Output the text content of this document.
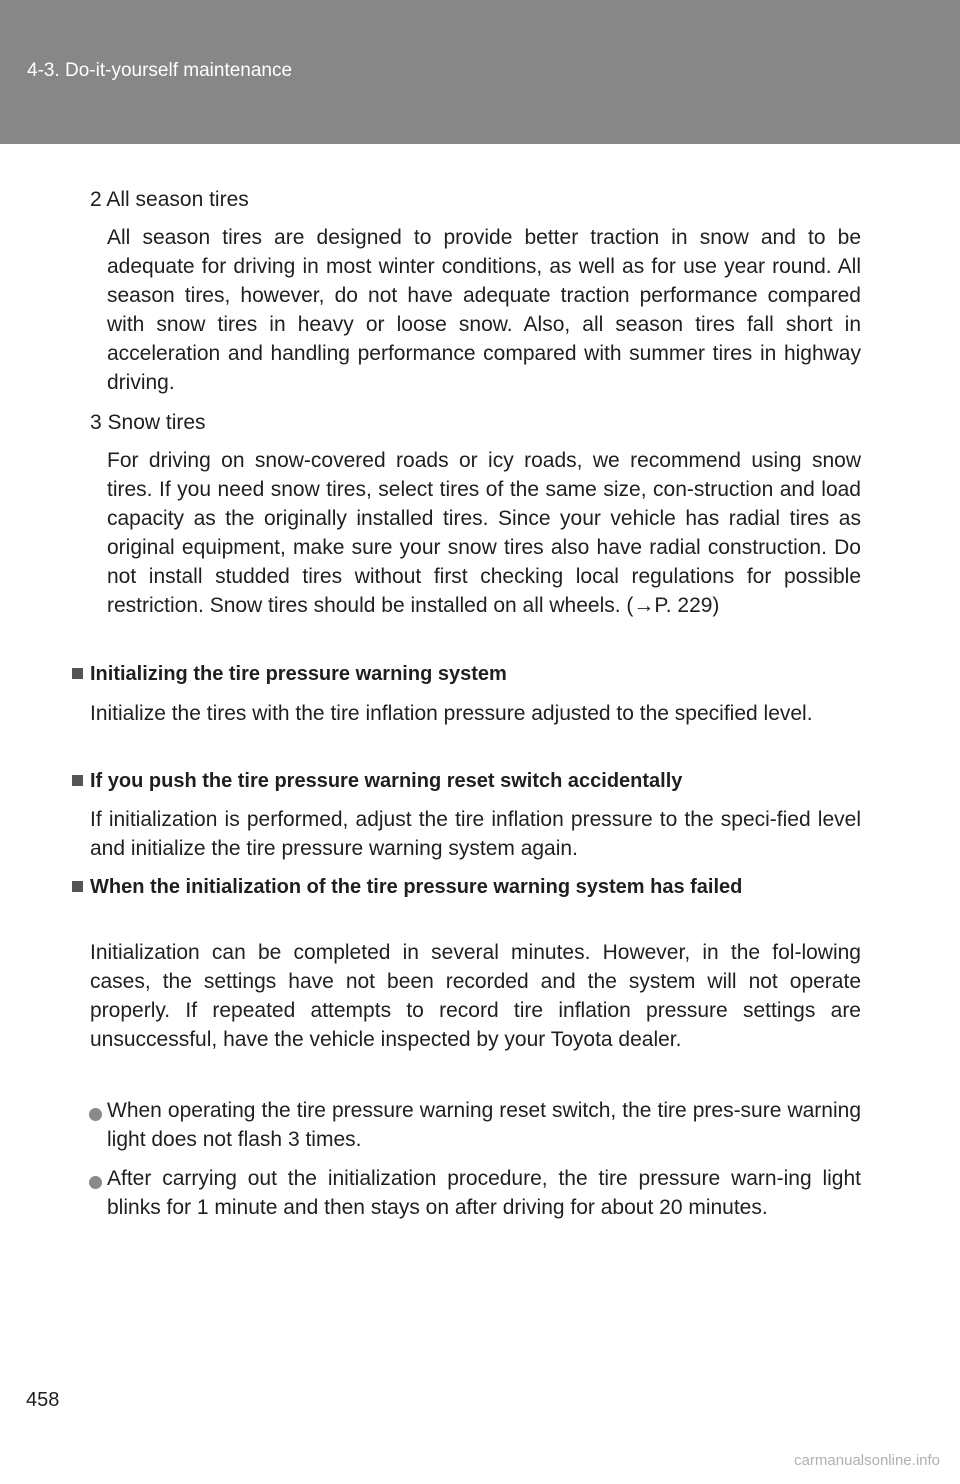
4-3. Do-it-yourself maintenance
2 All season tires
All season tires are designed to provide better traction in snow and to be adequate for driving in most winter conditions, as well as for use year round. All season tires, however, do not have adequate traction performance compared with snow tires in heavy or loose snow. Also, all season tires fall short in acceleration and handling performance compared with summer tires in highway driving.
3 Snow tires
For driving on snow-covered roads or icy roads, we recommend using snow tires. If you need snow tires, select tires of the same size, con-struction and load capacity as the originally installed tires. Since your vehicle has radial tires as original equipment, make sure your snow tires also have radial construction. Do not install studded tires without first checking local regulations for possible restriction. Snow tires should be installed on all wheels. (→P. 229)
Initializing the tire pressure warning system
Initialize the tires with the tire inflation pressure adjusted to the specified level.
If you push the tire pressure warning reset switch accidentally
If initialization is performed, adjust the tire inflation pressure to the speci-fied level and initialize the tire pressure warning system again.
When the initialization of the tire pressure warning system has failed
Initialization can be completed in several minutes. However, in the fol-lowing cases, the settings have not been recorded and the system will not operate properly. If repeated attempts to record tire inflation pressure settings are unsuccessful, have the vehicle inspected by your Toyota dealer.
When operating the tire pressure warning reset switch, the tire pres-sure warning light does not flash 3 times.
After carrying out the initialization procedure, the tire pressure warn-ing light blinks for 1 minute and then stays on after driving for about 20 minutes.
458
carmanualsonline.info
